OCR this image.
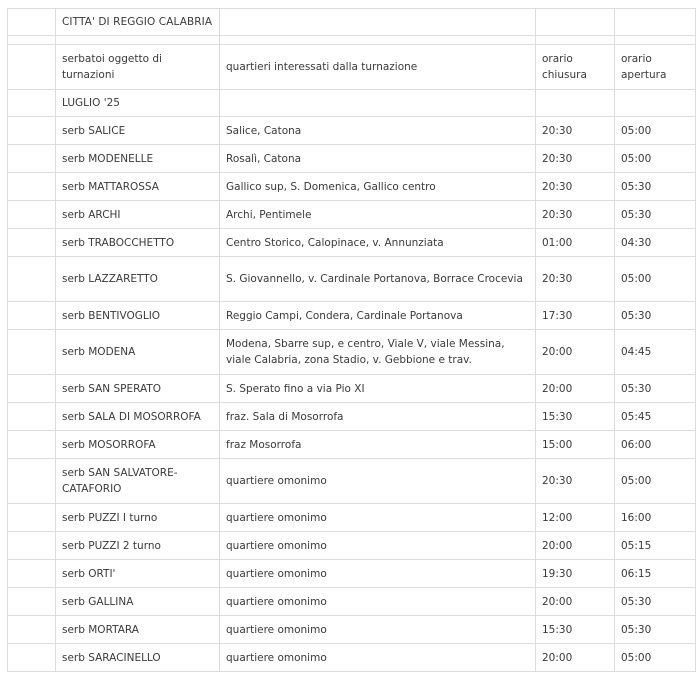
	CITTA' DI REGGIO CALABRIA			

	serbatoi oggetto di turnazioni	quartieri interessati dalla turnazione	orario chiusura	orario apertura
	LUGLIO '25			
	serb SALICE	Salice, Catona	20:30	05:00
	serb MODENELLE	Rosalì, Catona	20:30	05:00
	serb MATTAROSSA	Gallico sup, S. Domenica, Gallico centro	20:30	05:30
	serb ARCHI	Archi, Pentimele	20:30	05:30
	serb TRABOCCHETTO	Centro Storico, Calopinace, v. Annunziata	01:00	04:30
	serb LAZZARETTO	S. Giovannello, v. Cardinale Portanova, Borrace Crocevia	20:30	05:00
	serb BENTIVOGLIO	Reggio Campi, Condera, Cardinale Portanova	17:30	05:30
	serb MODENA	Modena, Sbarre sup, e centro, Viale V, viale Messina, viale Calabria, zona Stadio, v. Gebbione e trav.	20:00	04:45
	serb SAN SPERATO	S. Sperato fino a via Pio XI	20:00	05:30
	serb SALA DI MOSORROFA	fraz. Sala di Mosorrofa	15:30	05:45
	serb MOSORROFA	fraz Mosorrofa	15:00	06:00
	serb SAN SALVATORE-CATAFORIO	quartiere omonimo	20:30	05:00
	serb PUZZI I turno	quartiere omonimo	12:00	16:00
	serb PUZZI 2 turno	quartiere omonimo	20:00	05:15
	serb ORTI'	quartiere omonimo	19:30	06:15
	serb GALLINA	quartiere omonimo	20:00	05:30
	serb MORTARA	quartiere omonimo	15:30	05:30
	serb SARACINELLO	quartiere omonimo	20:00	05:00
